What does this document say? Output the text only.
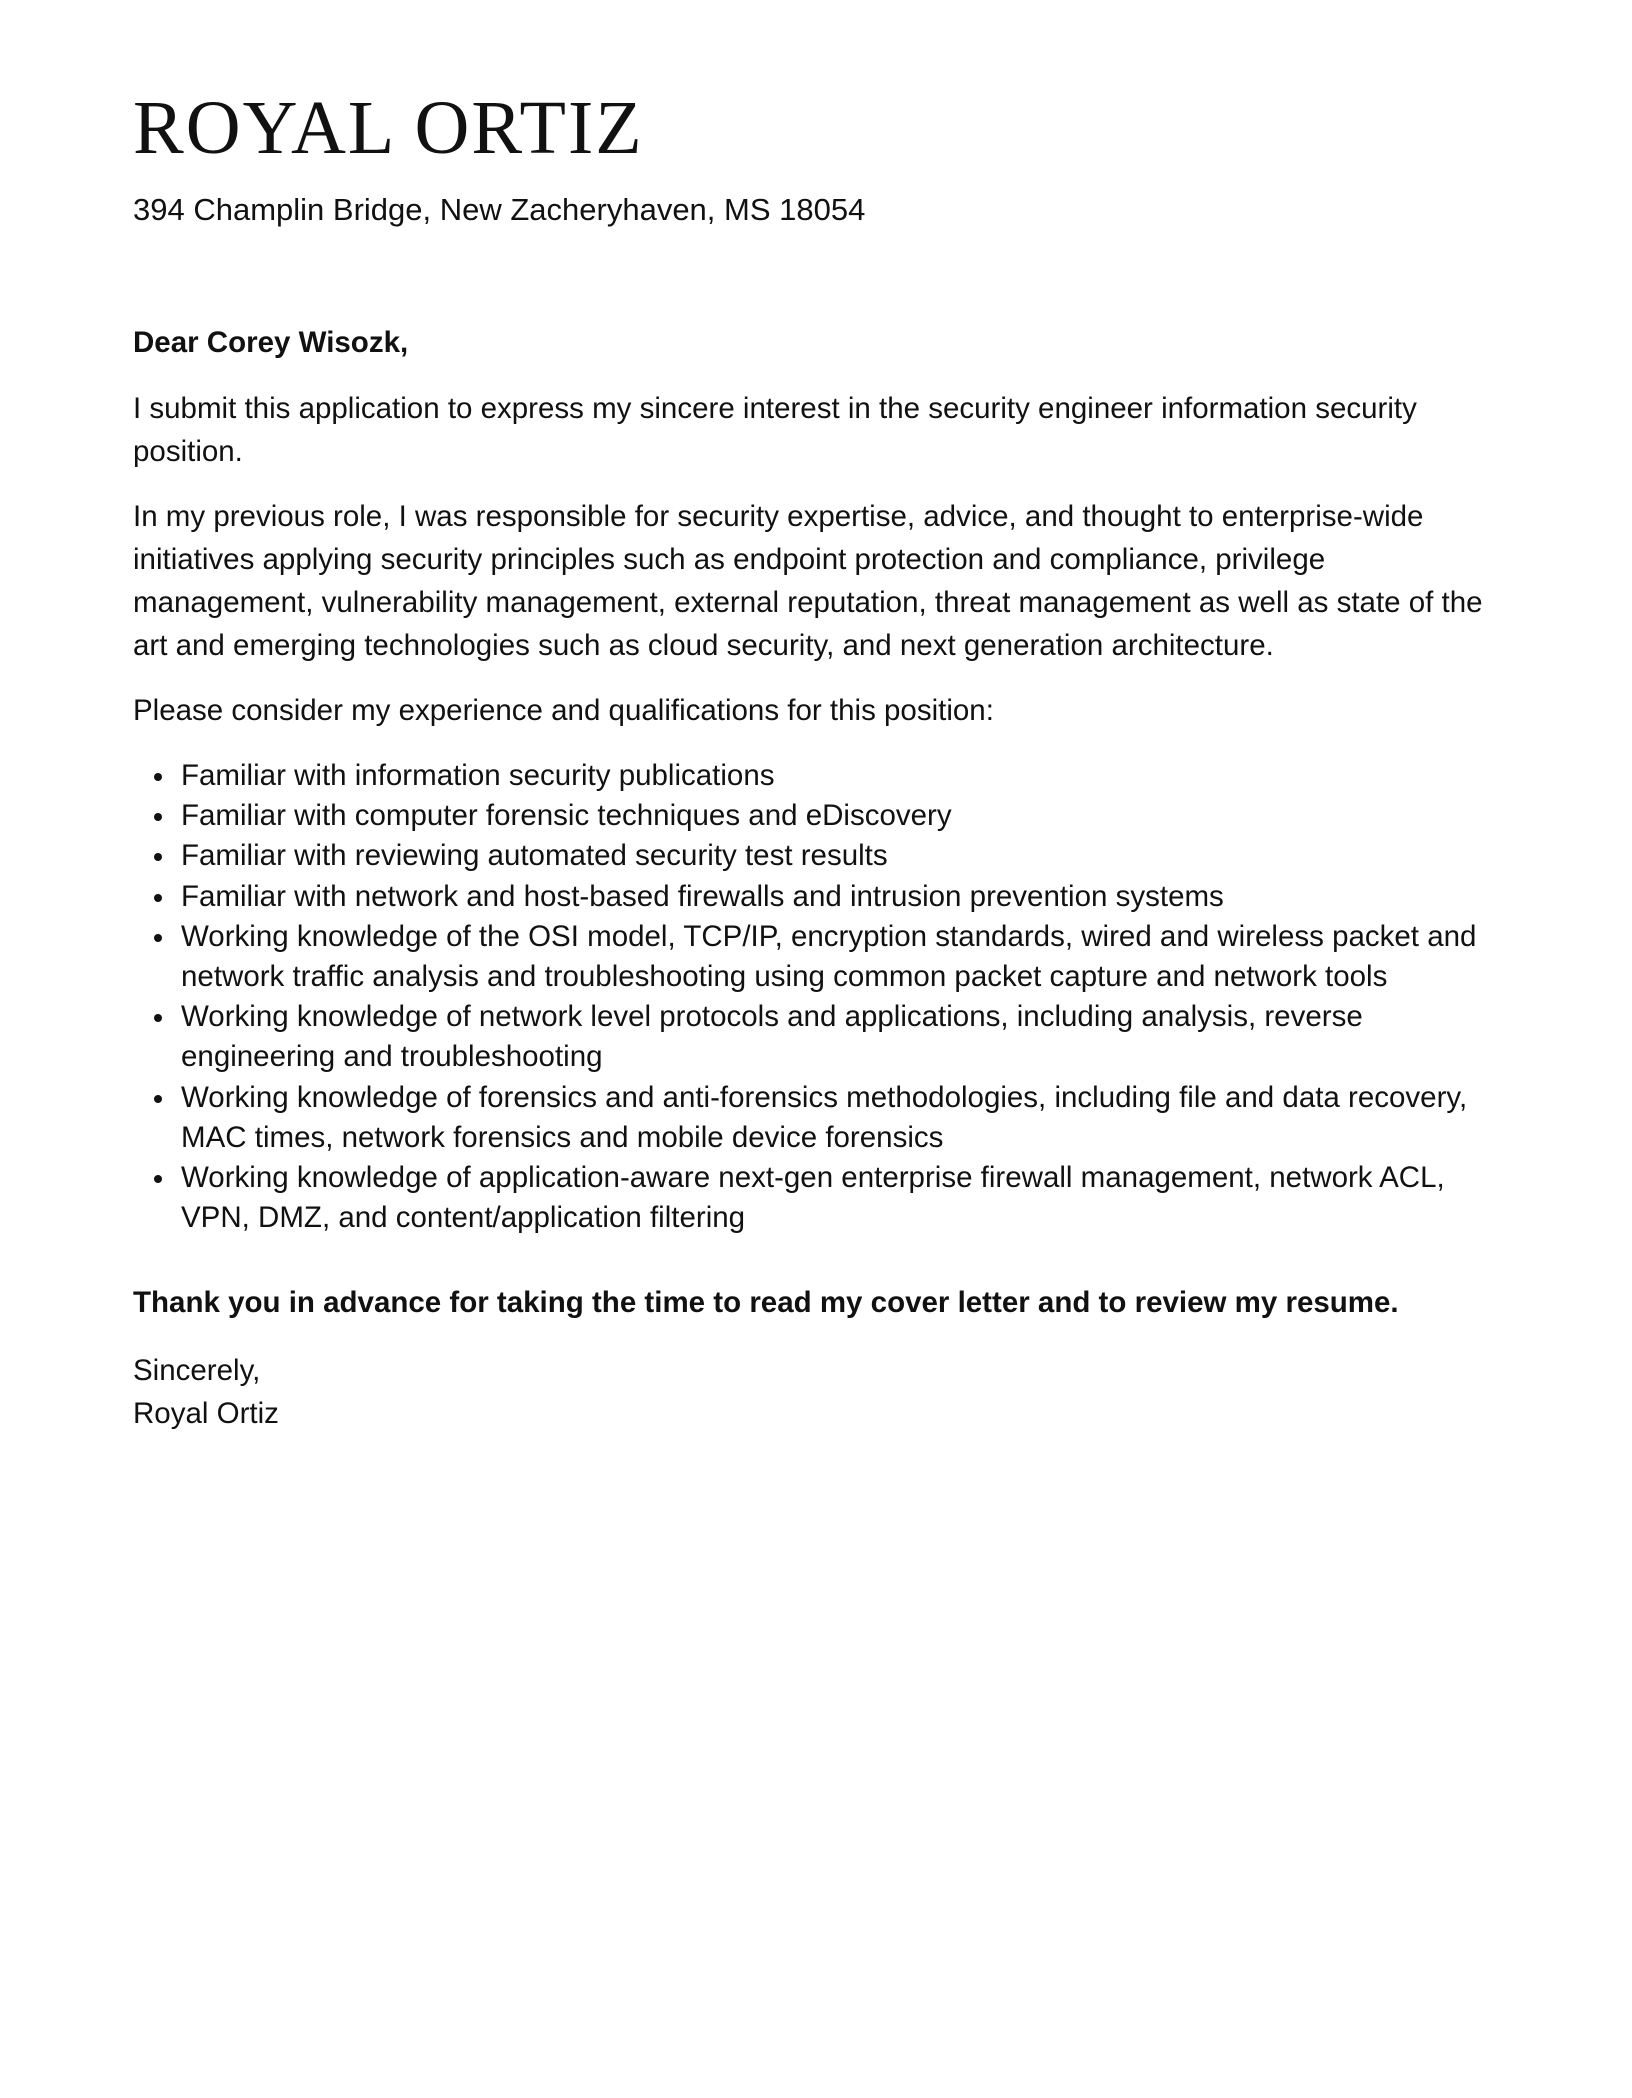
ROYAL ORTIZ
394 Champlin Bridge, New Zacheryhaven, MS 18054
Dear Corey Wisozk,

I submit this application to express my sincere interest in the security engineer information security position.

In my previous role, I was responsible for security expertise, advice, and thought to enterprise-wide initiatives applying security principles such as endpoint protection and compliance, privilege management, vulnerability management, external reputation, threat management as well as state of the art and emerging technologies such as cloud security, and next generation architecture.

Please consider my experience and qualifications for this position:

Familiar with information security publications
Familiar with computer forensic techniques and eDiscovery
Familiar with reviewing automated security test results
Familiar with network and host-based firewalls and intrusion prevention systems
Working knowledge of the OSI model, TCP/IP, encryption standards, wired and wireless packet and network traffic analysis and troubleshooting using common packet capture and network tools
Working knowledge of network level protocols and applications, including analysis, reverse engineering and troubleshooting
Working knowledge of forensics and anti-forensics methodologies, including file and data recovery, MAC times, network forensics and mobile device forensics
Working knowledge of application-aware next-gen enterprise firewall management, network ACL, VPN, DMZ, and content/application filtering
Thank you in advance for taking the time to read my cover letter and to review my resume.
Sincerely,
Royal Ortiz
